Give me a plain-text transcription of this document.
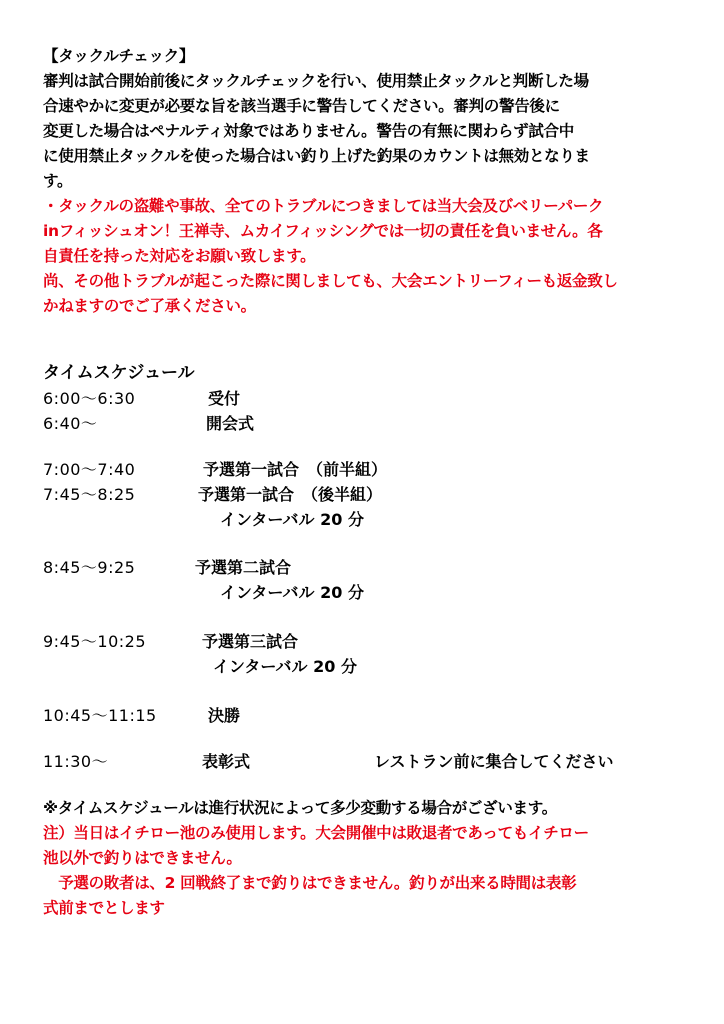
【タックルチェック】
審判は試合開始前後にタックルチェックを行い、使用禁止タックルと判断した場
合速やかに変更が必要な旨を該当選手に警告してください。審判の警告後に
変更した場合はペナルティ対象ではありません。警告の有無に関わらず試合中
に使用禁止タックルを使った場合はい釣り上げた釣果のカウントは無効となりま
す。
・タックルの盗難や事故、全てのトラブルにつきましては当大会及びベリーパーク
inフィッシュオン！王禅寺、ムカイフィッシングでは一切の責任を負いません。各
自責任を持った対応をお願い致します。
尚、その他トラブルが起こった際に関しましても、大会エントリーフィーも返金致し
かねますのでご了承ください。
タイムスケジュール
6:00～6:30	受付
6:40～	開会式
7:00～7:40	予選第一試合　（前半組）
7:45～8:25	予選第一試合　（後半組）
インターバル 20 分
8:45～9:25	予選第二試合
インターバル 20 分
9:45～10:25	予選第三試合
インターバル 20 分
10:45～11:15	決勝
11:30～	表彰式	レストラン前に集合してください
※タイムスケジュールは進行状況によって多少変動する場合がございます。
注）当日はイチロー池のみ使用します。大会開催中は敗退者であってもイチロー
池以外で釣りはできません。
　予選の敗者は、2 回戦終了まで釣りはできません。釣りが出来る時間は表彰
式前までとします
